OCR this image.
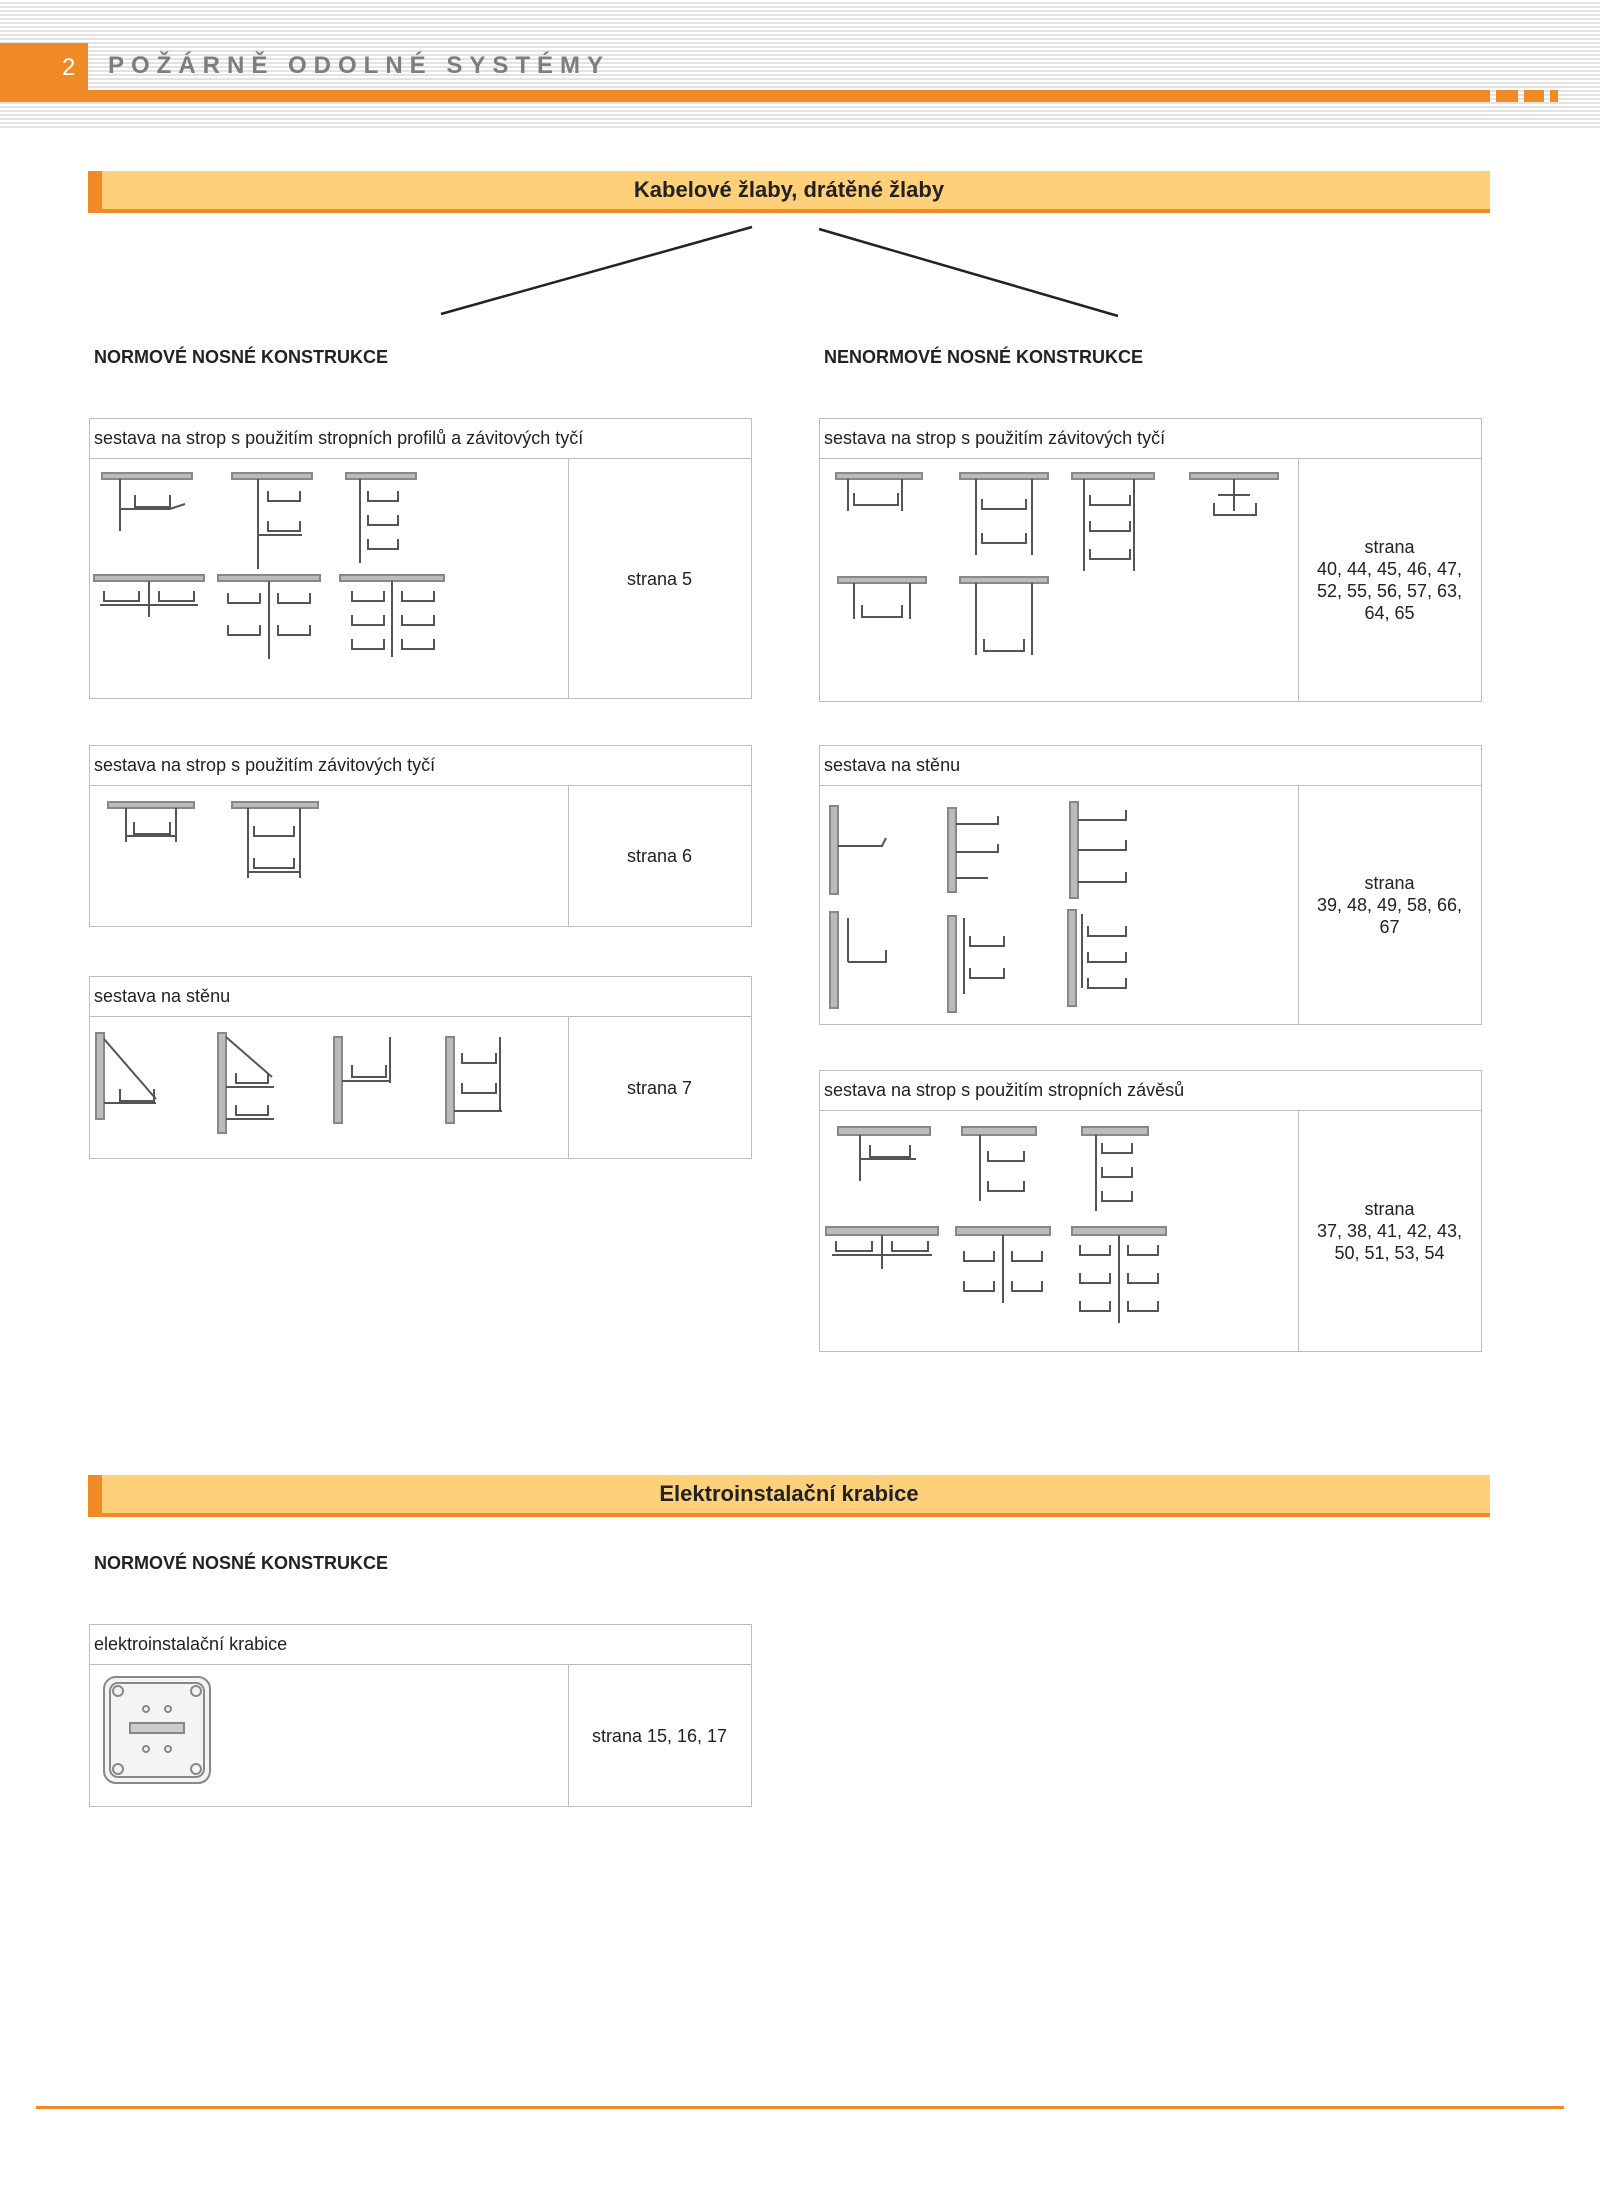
2 POŽÁRNĚ ODOLNÉ SYSTÉMY
Kabelové žlaby, drátěné žlaby
NORMOVÉ NOSNÉ KONSTRUKCE	NENORMOVÉ NOSNÉ KONSTRUKCE
sestava na strop s použitím stropních profilů a závitových tyčí
strana 5
sestava na strop s použitím závitových tyčí
strana 6
sestava na stěnu
strana 7
sestava na strop s použitím závitových tyčí
strana
40, 44, 45, 46, 47,
52, 55, 56, 57, 63,
64, 65
sestava na stěnu
strana
39, 48, 49, 58, 66,
67
sestava na strop s použitím stropních závěsů
strana
37, 38, 41, 42, 43,
50, 51, 53, 54
Elektroinstalační krabice
NORMOVÉ NOSNÉ KONSTRUKCE
elektroinstalační krabice
strana 15, 16, 17
